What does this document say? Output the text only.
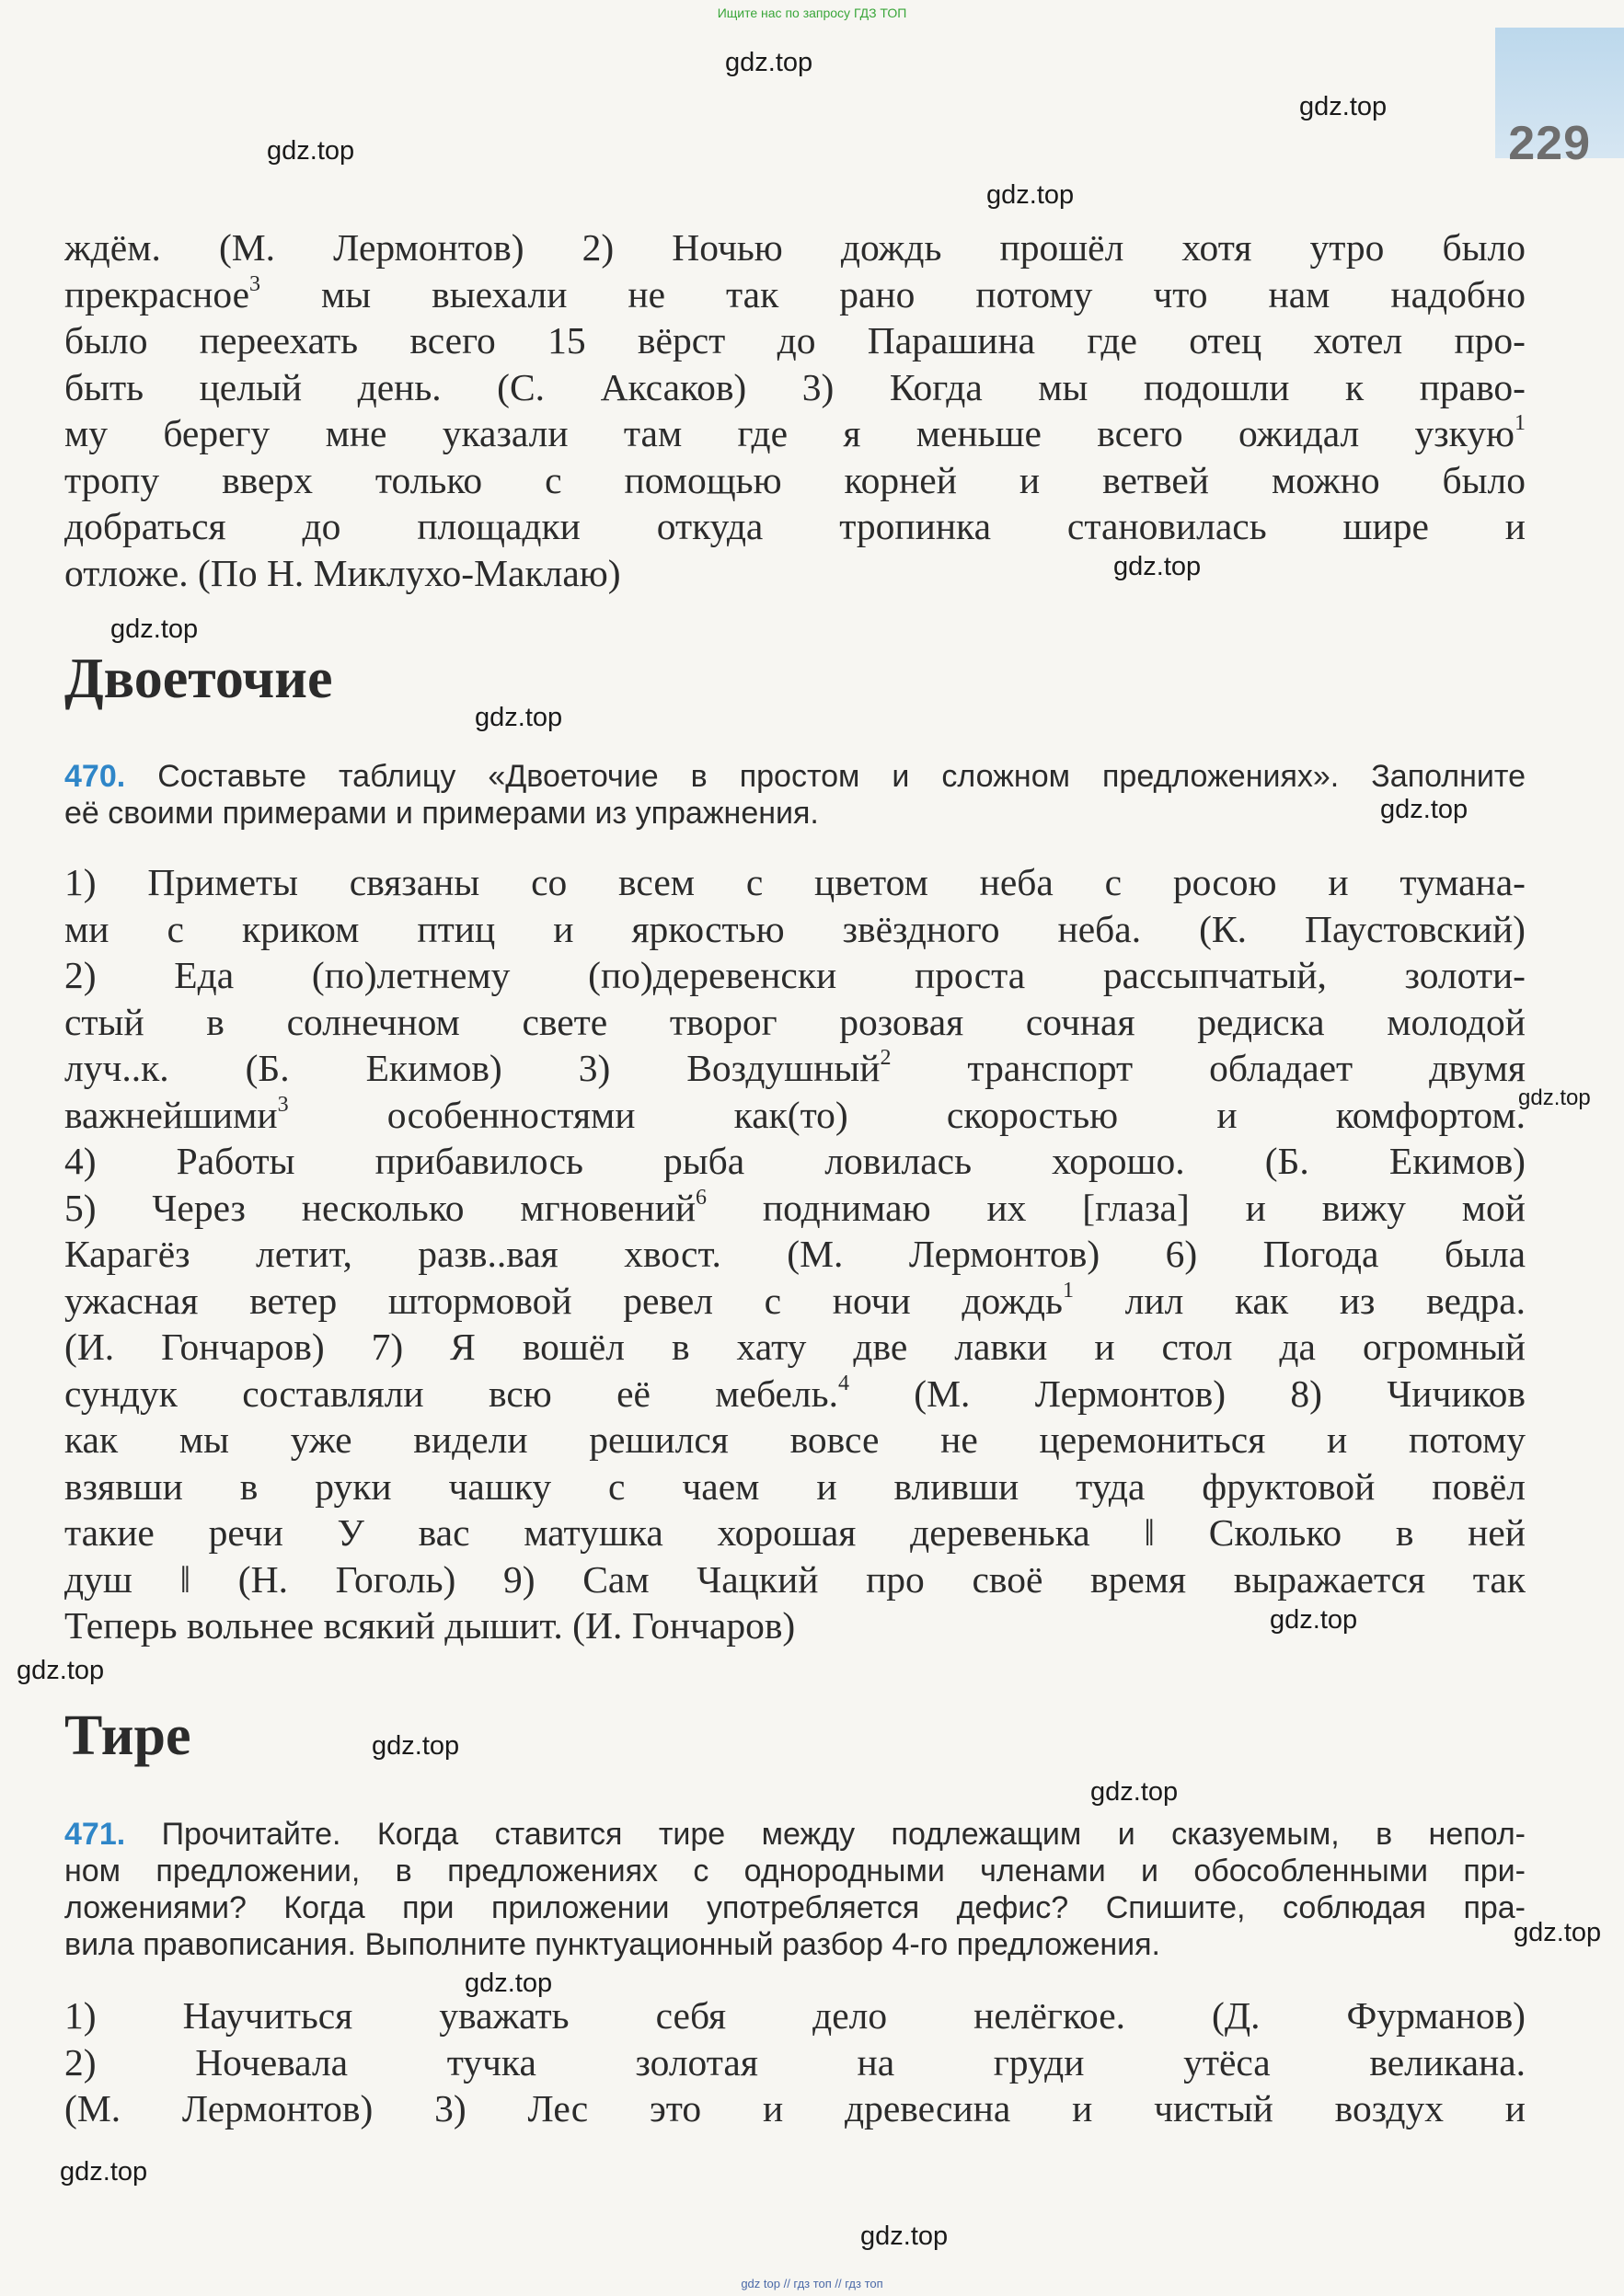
Ищите нас по запросу ГДЗ ТОП
229
gdz.top
gdz.top
gdz.top
gdz.top
gdz.top
gdz.top
gdz.top
gdz.top
gdz.top
gdz.top
gdz.top
gdz.top
gdz.top
gdz.top
gdz.top
gdz.top
gdz.top
ждём. (М. Лермонтов) 2) Ночью дождь прошёл хотя утро было
прекрасное$^3$ мы выехали не так рано потому что нам надобно
было переехать всего 15 вёрст до Парашина где отец хотел про-
быть целый день. (С. Аксаков) 3) Когда мы подошли к право-
му берегу мне указали там где я меньше всего ожидал узкую$^1$
тропу вверх только с помощью корней и ветвей можно было
добраться до площадки откуда тропинка становилась шире и
отложе. (По Н. Миклухо-Маклаю)
Двоеточие
470. Составьте таблицу «Двоеточие в простом и сложном предложениях». Заполните
её своими примерами и примерами из упражнения.
1) Приметы связаны со всем с цветом неба с росою и тумана-
ми с криком птиц и яркостью звёздного неба. (К. Паустовский)
2) Еда (по)летнему (по)деревенски проста рассыпчатый, золоти-
стый в солнечном свете творог розовая сочная редиска молодой
луч..к. (Б. Екимов) 3) Воздушный$^2$ транспорт обладает двумя
важнейшими$^3$ особенностями как(то) скоростью и комфортом.
4) Работы прибавилось рыба ловилась хорошо. (Б. Екимов)
5) Через несколько мгновений$^6$ поднимаю их [глаза] и вижу мой
Карагёз летит, разв..вая хвост. (М. Лермонтов) 6) Погода была
ужасная ветер штормовой ревел с ночи дождь$^1$ лил как из ведра.
(И. Гончаров) 7) Я вошёл в хату две лавки и стол да огромный
сундук составляли всю её мебель.$^4$ (М. Лермонтов) 8) Чичиков
как мы уже видели решился вовсе не церемониться и потому
взявши в руки чашку с чаем и вливши туда фруктовой повёл
такие речи У вас матушка хорошая деревенька ‖ Сколько в ней
душ ‖ (Н. Гоголь) 9) Сам Чацкий про своё время выражается так
Теперь вольнее всякий дышит. (И. Гончаров)
Тире
471. Прочитайте. Когда ставится тире между подлежащим и сказуемым, в непол-
ном предложении, в предложениях с однородными членами и обособленными при-
ложениями? Когда при приложении употребляется дефис? Спишите, соблюдая пра-
вила правописания. Выполните пунктуационный разбор 4-го предложения.
1) Научиться уважать себя дело нелёгкое. (Д. Фурманов)
2) Ночевала тучка золотая на груди утёса великана.
(М. Лермонтов) 3) Лес это и древесина и чистый воздух и
gdz top // гдз топ // гдз топ
